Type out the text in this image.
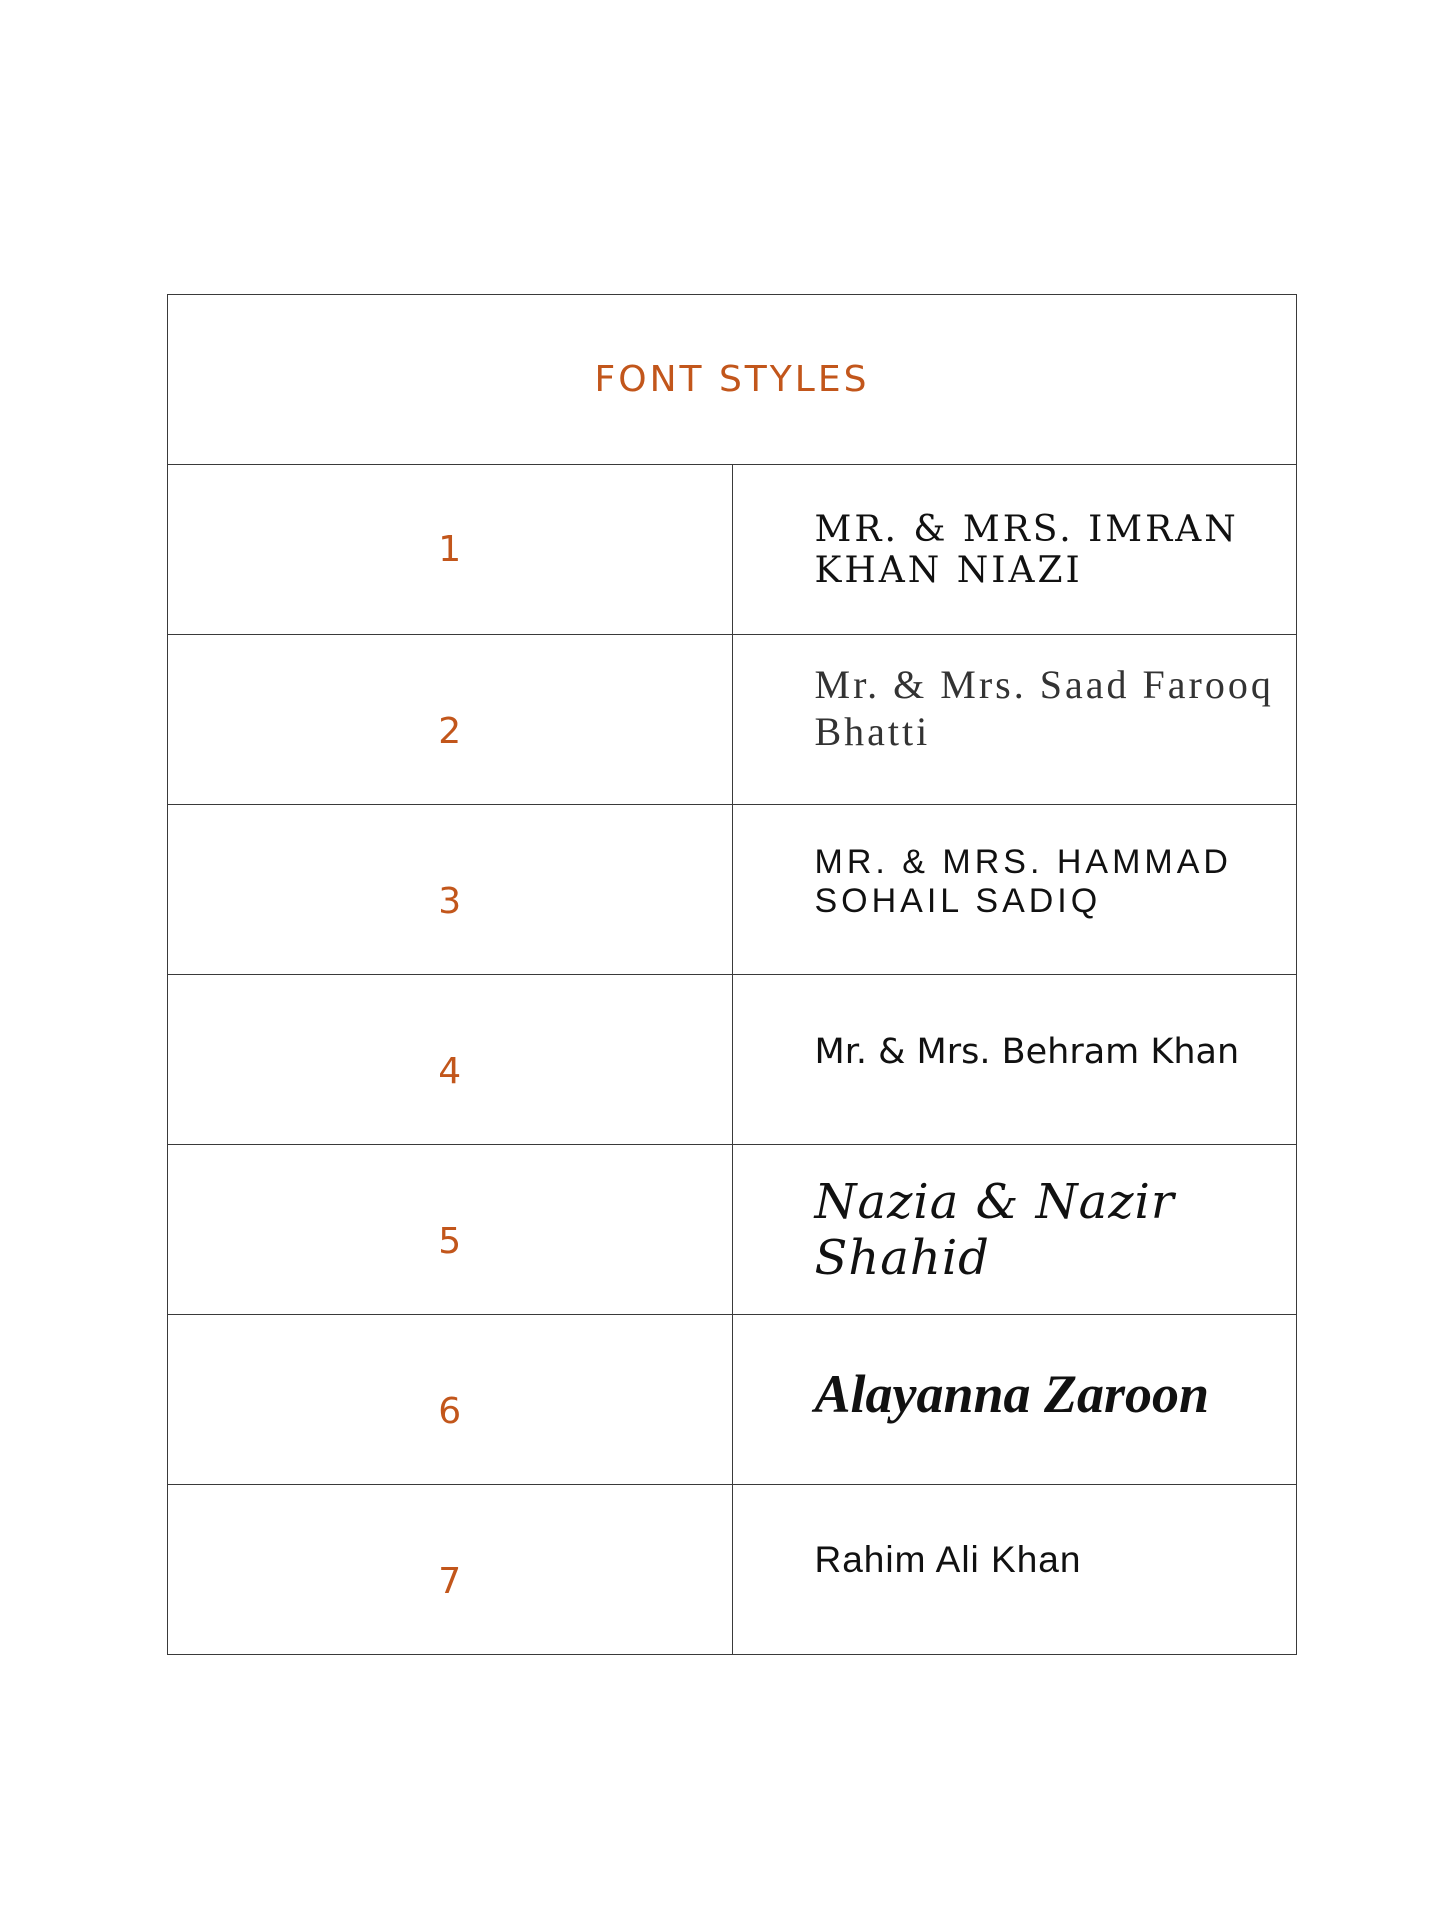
FONT STYLES	
1	MR. & MRS. IMRAN KHAN NIAZI
2	Mr. & Mrs. Saad Farooq Bhatti
3	MR. & MRS. HAMMAD SOHAIL SADIQ
4	Mr. & Mrs. Behram Khan
5	Nazia & Nazir Shahid
6	Alayanna Zaroon
7	Rahim Ali Khan
